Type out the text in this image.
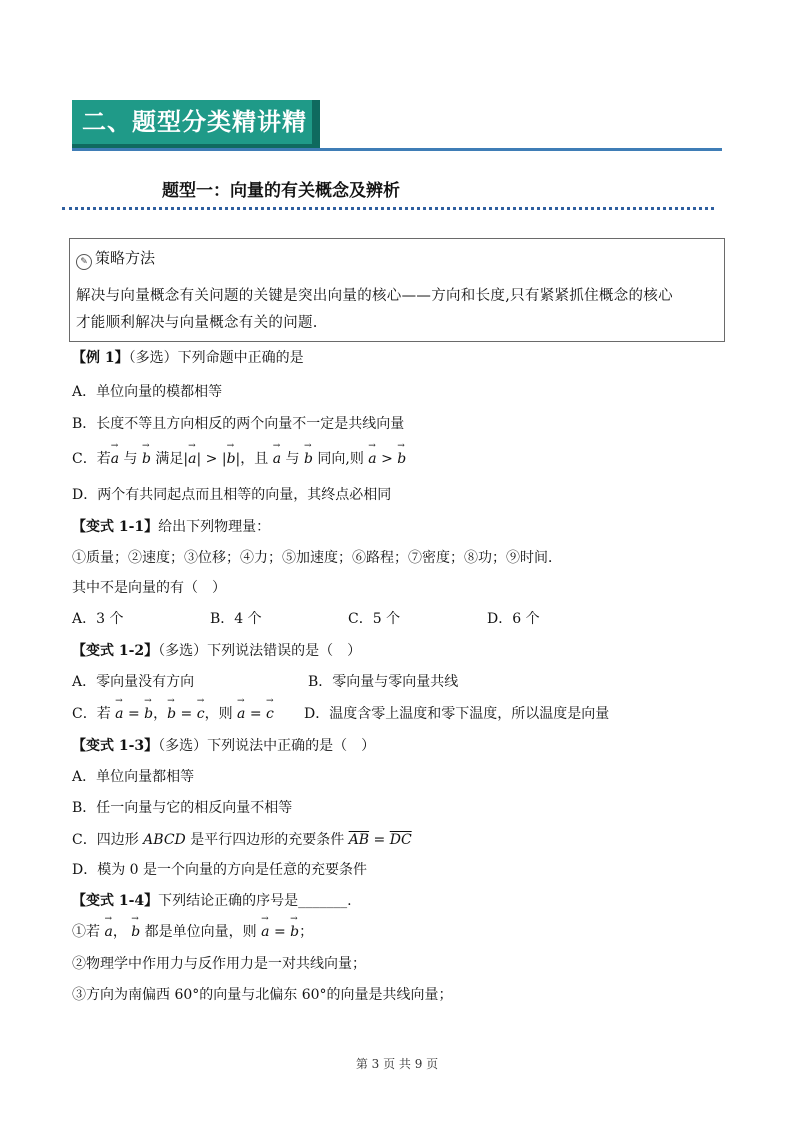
二、题型分类精讲精练
题型一：向量的有关概念及辨析
✎ 策略方法
解决与向量概念有关问题的关键是突出向量的核心——方向和长度,只有紧紧抓住概念的核心
才能顺利解决与向量概念有关的问题.
【例 1】（多选）下列命题中正确的是
A．单位向量的模都相等
B．长度不等且方向相反的两个向量不一定是共线向量
C．若→ a 与 → b 满足|→ a| > |→ b|，且 → a 与 → b 同向,则 → a > → b
D．两个有共同起点而且相等的向量，其终点必相同
【变式 1-1】给出下列物理量：
①质量；②速度；③位移；④力；⑤加速度；⑥路程；⑦密度；⑧功；⑨时间．
其中不是向量的有（　）
A．3 个	B．4 个	C．5 个	D．6 个
【变式 1-2】（多选）下列说法错误的是（　）
A．零向量没有方向	B．零向量与零向量共线
C．若 → a = → b，→ b = → c，则 → a = → c D．温度含零上温度和零下温度，所以温度是向量
【变式 1-3】（多选）下列说法中正确的是（　）
A．单位向量都相等
B．任一向量与它的相反向量不相等
C．四边形 ABCD 是平行四边形的充要条件 $\overline{AB} = \overline{DC}$
D．模为 0 是一个向量的方向是任意的充要条件
【变式 1-4】下列结论正确的序号是_______.
①若 → a， → b 都是单位向量，则 → a = → b；
②物理学中作用力与反作用力是一对共线向量；
③方向为南偏西 60°的向量与北偏东 60°的向量是共线向量；
第 3 页 共 9 页
